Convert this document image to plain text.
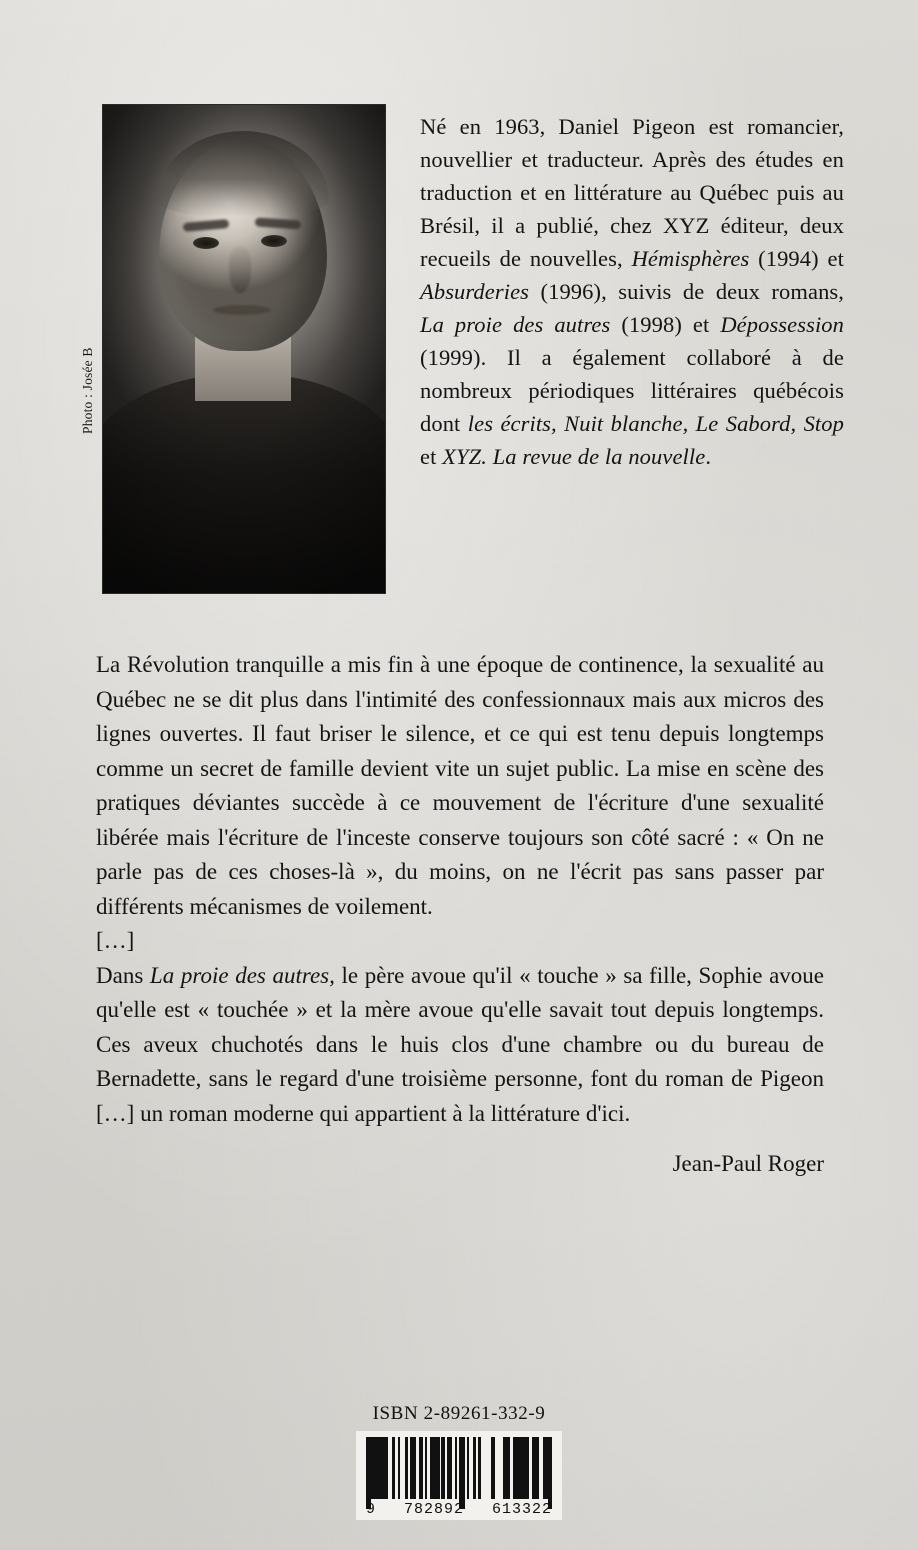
Photo : Josée B
Né en 1963, Daniel Pigeon est romancier, nouvellier et traducteur. Après des études en traduction et en littérature au Québec puis au Brésil, il a publié, chez XYZ éditeur, deux recueils de nouvelles, Hémisphères (1994) et Absurderies (1996), suivis de deux romans, La proie des autres (1998) et Dépossession (1999). Il a également collaboré à de nombreux périodiques littéraires québécois dont les écrits, Nuit blanche, Le Sabord, Stop et XYZ. La revue de la nouvelle.

La Révolution tranquille a mis fin à une époque de continence, la sexualité au Québec ne se dit plus dans l'intimité des confessionnaux mais aux micros des lignes ouvertes. Il faut briser le silence, et ce qui est tenu depuis longtemps comme un secret de famille devient vite un sujet public. La mise en scène des pratiques déviantes succède à ce mouvement de l'écriture d'une sexualité libérée mais l'écriture de l'inceste conserve toujours son côté sacré : « On ne parle pas de ces choses-là », du moins, on ne l'écrit pas sans passer par différents mécanismes de voilement.

[…]

Dans La proie des autres, le père avoue qu'il « touche » sa fille, Sophie avoue qu'elle est « touchée » et la mère avoue qu'elle savait tout depuis longtemps. Ces aveux chuchotés dans le huis clos d'une chambre ou du bureau de Bernadette, sans le regard d'une troisième personne, font du roman de Pigeon […] un roman moderne qui appartient à la littérature d'ici.

Jean-Paul Roger
ISBN 2-89261-332-9
9 782892 613322
